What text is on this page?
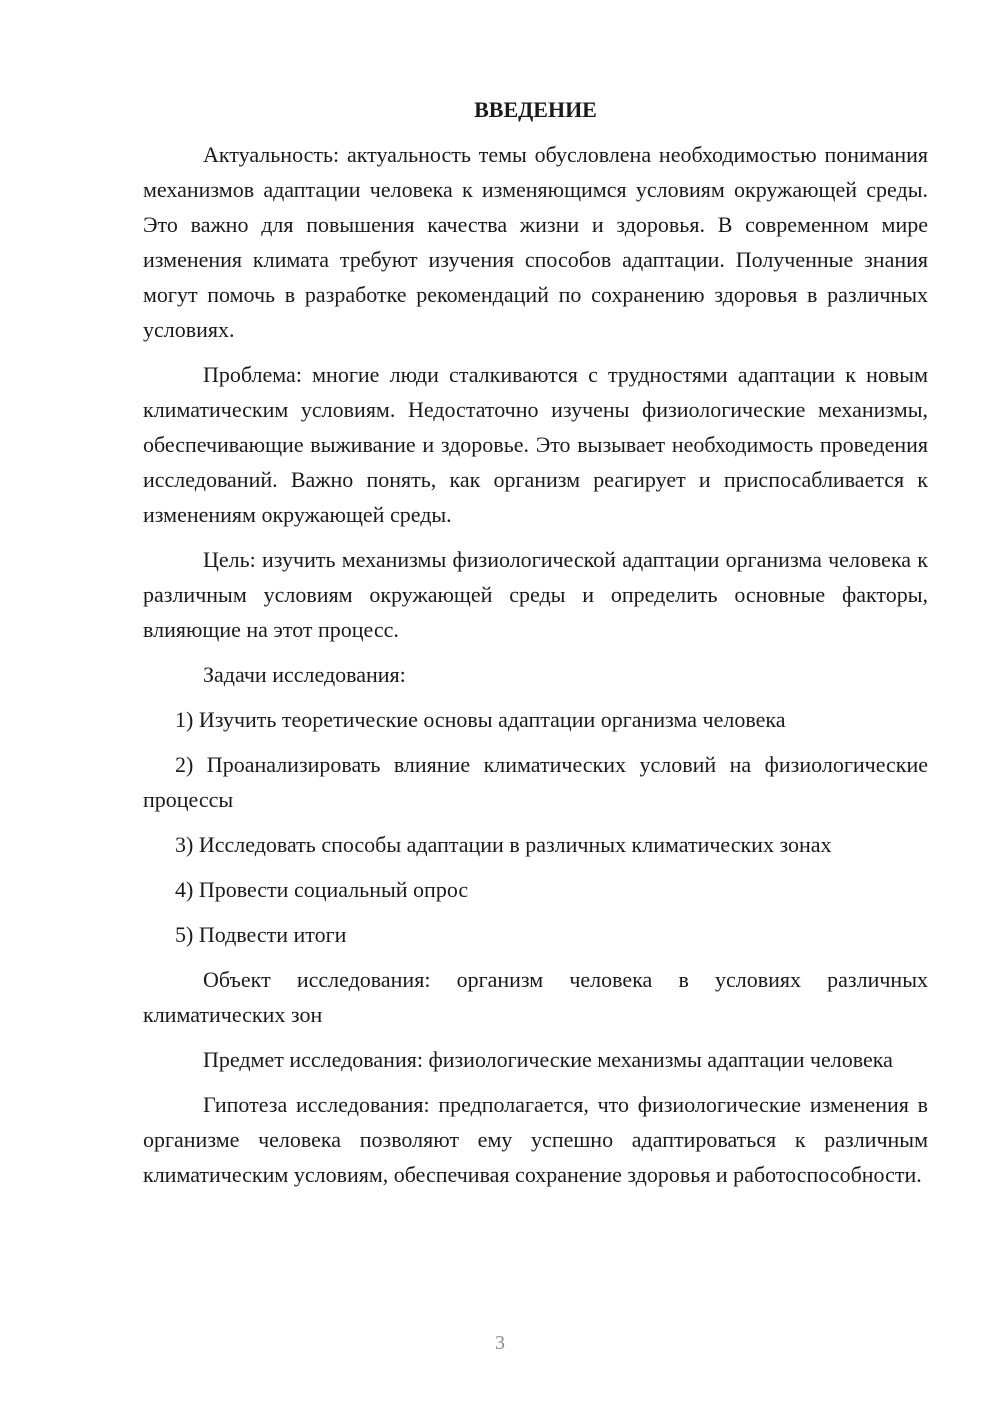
ВВЕДЕНИЕ

Актуальность: актуальность темы обусловлена необходимостью понимания механизмов адаптации человека к изменяющимся условиям окружающей среды. Это важно для повышения качества жизни и здоровья. В современном мире изменения климата требуют изучения способов адаптации. Полученные знания могут помочь в разработке рекомендаций по сохранению здоровья в различных условиях.

Проблема: многие люди сталкиваются с трудностями адаптации к новым климатическим условиям. Недостаточно изучены физиологические механизмы, обеспечивающие выживание и здоровье. Это вызывает необходимость проведения исследований. Важно понять, как организм реагирует и приспосабливается к изменениям окружающей среды.

Цель: изучить механизмы физиологической адаптации организма человека к различным условиям окружающей среды и определить основные факторы, влияющие на этот процесс.

Задачи исследования:

1) Изучить теоретические основы адаптации организма человека

2) Проанализировать влияние климатических условий на физиологические процессы

3) Исследовать способы адаптации в различных климатических зонах

4) Провести социальный опрос

5) Подвести итоги

Объект исследования: организм человека в условиях различных климатических зон

Предмет исследования: физиологические механизмы адаптации человека

Гипотеза исследования: предполагается, что физиологические изменения в организме человека позволяют ему успешно адаптироваться к различным климатическим условиям, обеспечивая сохранение здоровья и работоспособности.

3
